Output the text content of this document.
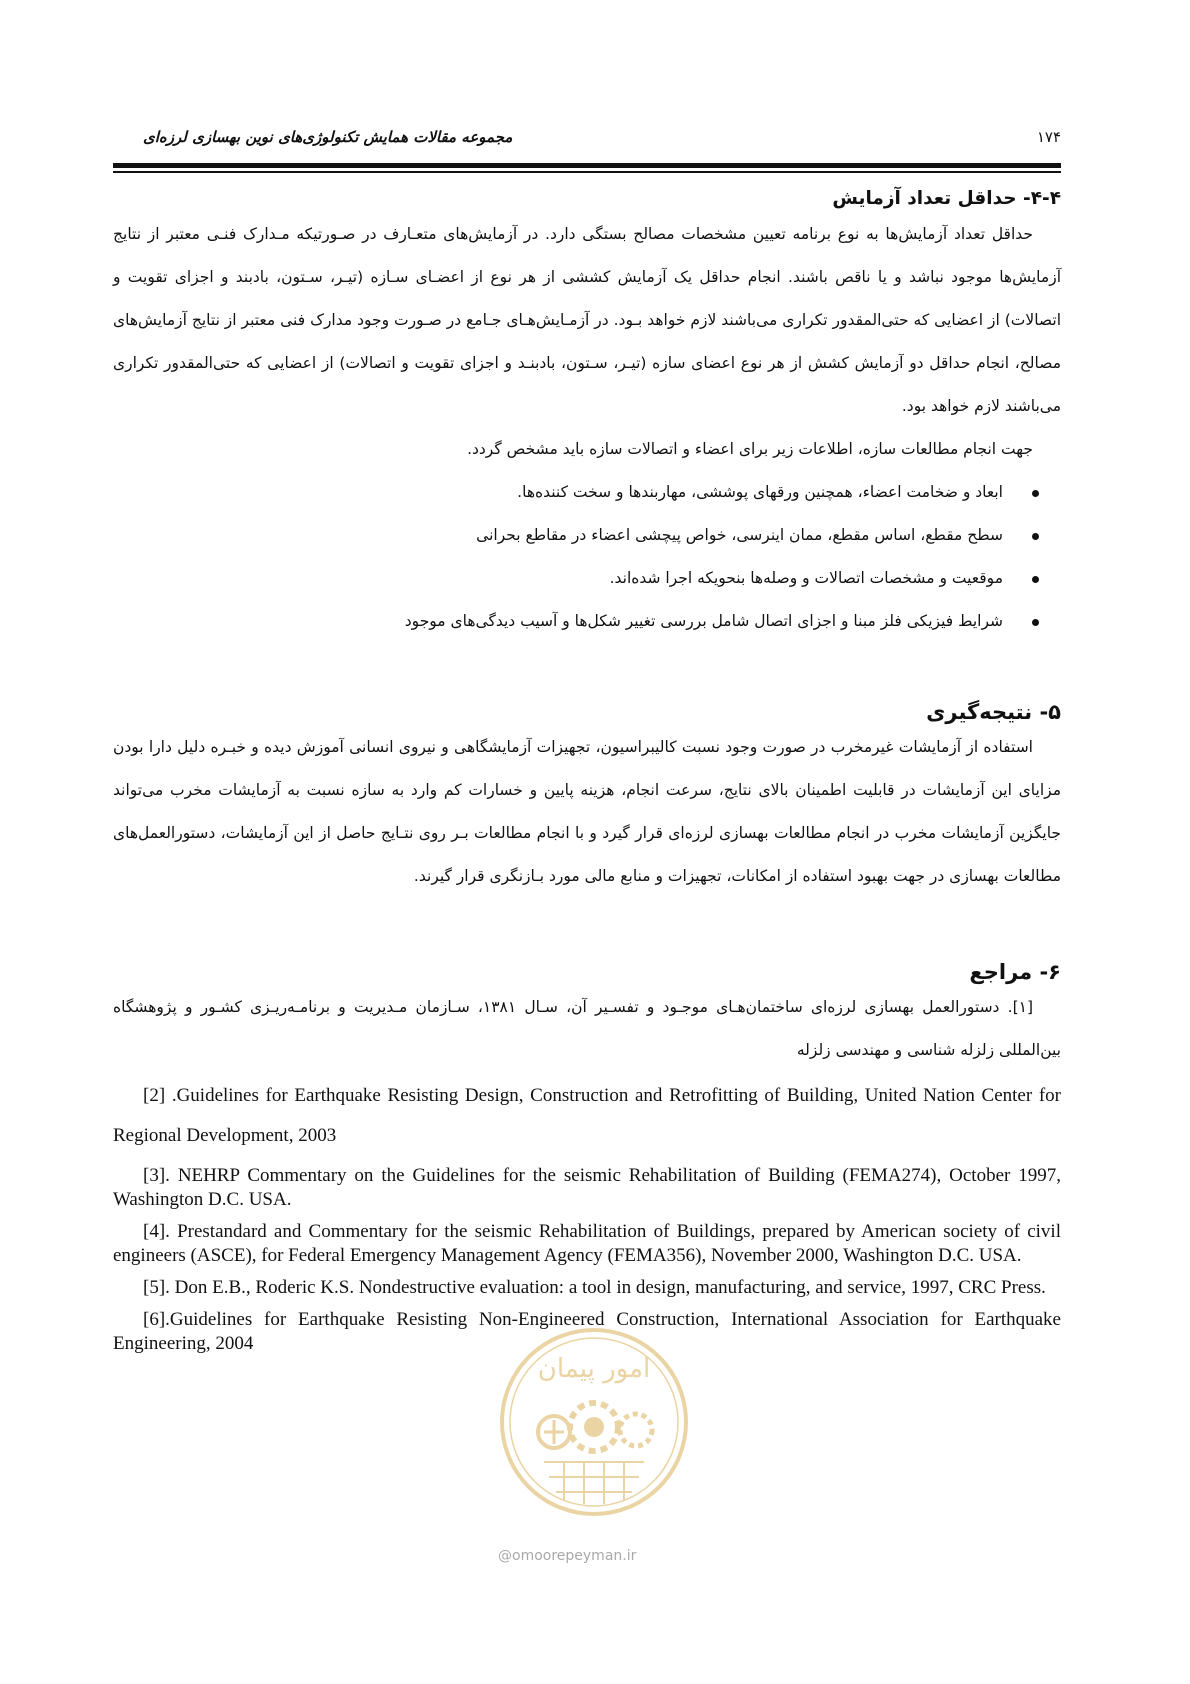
مجموعه مقالات همایش تکنولوژی‌های نوین بهسازی لرزه‌ای	۱۷۴
۴-۴- حداقل تعداد آزمایش
حداقل تعداد آزمایش‌ها به نوع برنامه تعیین مشخصات مصالح بستگی دارد. در آزمایش‌های متعـارف در صـورتیکه مـدارک فنـی معتبر از نتایج آزمایش‌ها موجود نباشد و یا ناقص باشند. انجام حداقل یک آزمایش کششی از هر نوع از اعضـای سـازه (تیـر، سـتون، بادبند و اجزای تقویت و اتصالات) از اعضایی که حتی‌المقدور تکراری می‌باشند لازم خواهد بـود. در آزمـایش‌هـای جـامع در صـورت وجود مدارک فنی معتبر از نتایج آزمایش‌های مصالح، انجام حداقل دو آزمایش کشش از هر نوع اعضای سازه (تیـر، سـتون، بادبنـد و اجزای تقویت و اتصالات) از اعضایی که حتی‌المقدور تکراری می‌باشند لازم خواهد بود.
جهت انجام مطالعات سازه، اطلاعات زیر برای اعضاء و اتصالات سازه باید مشخص گردد.
ابعاد و ضخامت اعضاء، همچنین ورقهای پوششی، مهاربندها و سخت کننده‌ها.
سطح مقطع، اساس مقطع، ممان اینرسی، خواص پیچشی اعضاء در مقاطع بحرانی
موقعیت و مشخصات اتصالات و وصله‌ها بنحویکه اجرا شده‌اند.
شرایط فیزیکی فلز مبنا و اجزای اتصال شامل بررسی تغییر شکل‌ها و آسیب دیدگی‌های موجود
۵- نتیجه‌گیری
استفاده از آزمایشات غیرمخرب در صورت وجود نسبت کالیبراسیون، تجهیزات آزمایشگاهی و نیروی انسانی آموزش دیده و خبـره دلیل دارا بودن مزایای این آزمایشات در قابلیت اطمینان بالای نتایج، سرعت انجام، هزینه پایین و خسارات کم وارد به سازه نسبت به آزمایشات مخرب می‌تواند جایگزین آزمایشات مخرب در انجام مطالعات بهسازی لرزه‌ای قرار گیرد و با انجام مطالعات بـر روی نتـایج حاصل از این آزمایشات، دستورالعمل‌های مطالعات بهسازی در جهت بهبود استفاده از امکانات، تجهیزات و منابع مالی مورد بـازنگری قرار گیرند.
۶- مراجع
[۱]. دستورالعمل بهسازی لرزه‌ای ساختمان‌هـای موجـود و تفسـیر آن، سـال ۱۳۸۱، سـازمان مـدیریت و برنامـه‌ریـزی کشـور و پژوهشگاه بین‌المللی زلزله شناسی و مهندسی زلزله
[2] .Guidelines for Earthquake Resisting Design, Construction and Retrofitting of Building, United Nation Center for Regional Development, 2003
[3]. NEHRP Commentary on the Guidelines for the seismic Rehabilitation of Building (FEMA274), October 1997, Washington D.C. USA.
[4]. Prestandard and Commentary for the seismic Rehabilitation of Buildings, prepared by American society of civil engineers (ASCE), for Federal Emergency Management Agency (FEMA356), November 2000, Washington D.C. USA.
[5]. Don E.B., Roderic K.S. Nondestructive evaluation: a tool in design, manufacturing, and service, 1997, CRC Press.
[6].Guidelines for Earthquake Resisting Non-Engineered Construction, International Association for Earthquake Engineering, 2004
امور پیمان
@omoorepeyman.ir
